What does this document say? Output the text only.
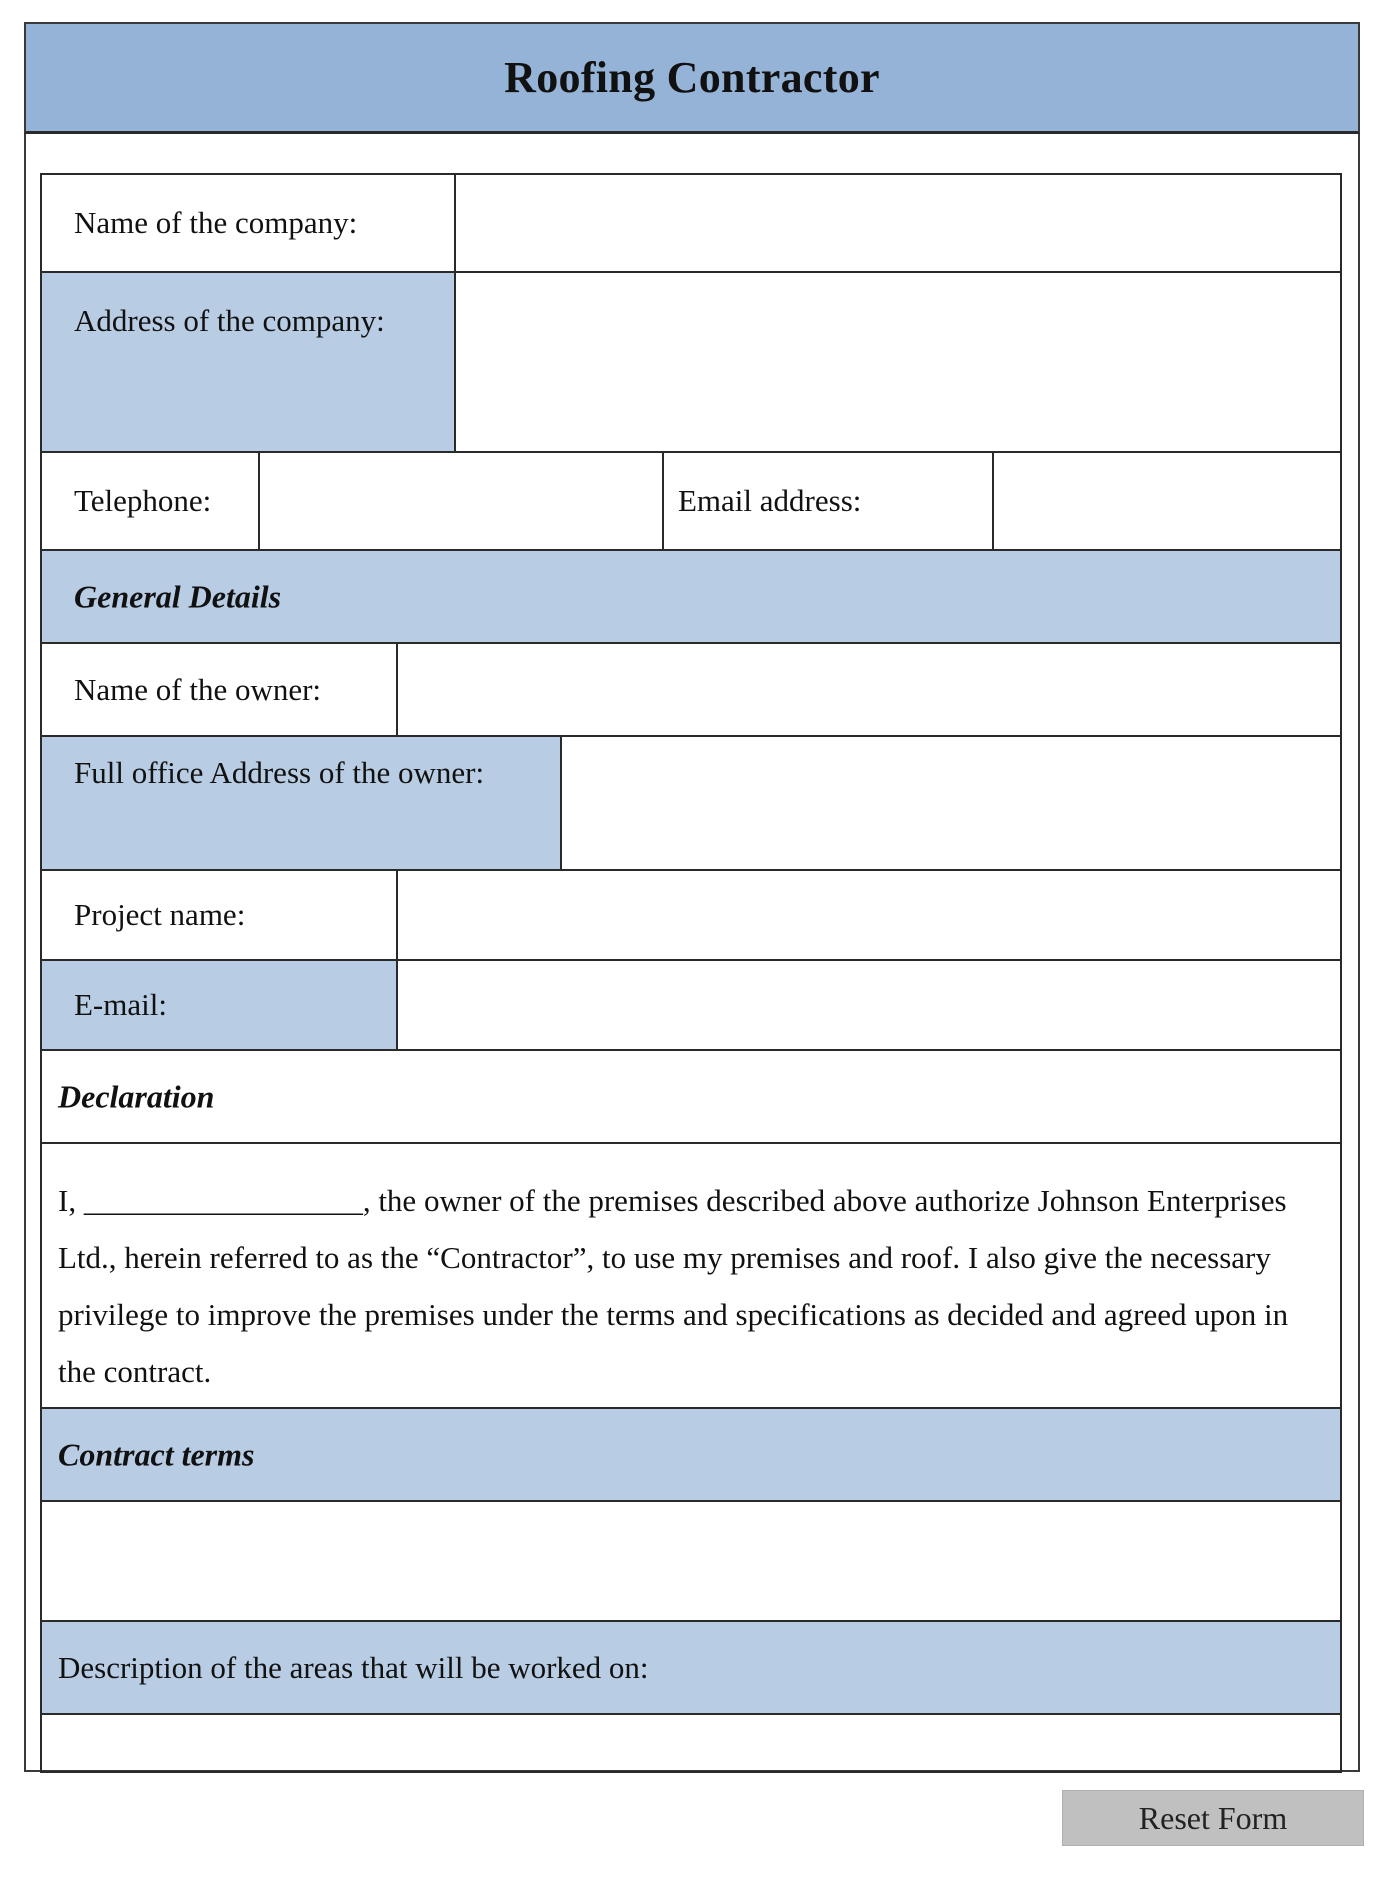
Roofing Contractor
Name of the company:
Address of the company:
Telephone:	Email address:
General Details
Name of the owner:
Full office Address of the owner:
Project name:
E-mail:
Declaration
I, __________________, the owner of the premises described above authorize Johnson Enterprises Ltd., herein referred to as the “Contractor”, to use my premises and roof. I also give the necessary privilege to improve the premises under the terms and specifications as decided and agreed upon in the contract.
Contract terms
Description of the areas that will be worked on:
Reset Form
